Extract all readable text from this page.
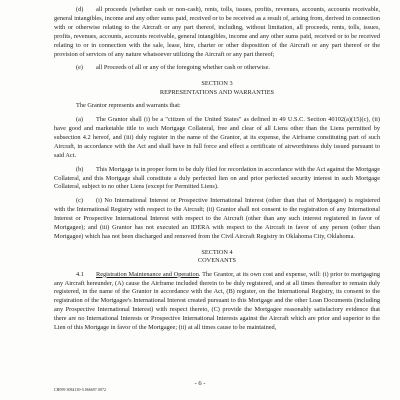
(d) all proceeds (whether cash or non-cash), rents, tolls, issues, profits, revenues, accounts, accounts receivable, general intangibles, income and any other sums paid, received or to be received as a result of, arising from, derived in connection with or otherwise relating to the Aircraft or any part thereof, including, without limitation, all proceeds, rents, tolls, issues, profits, revenues, accounts, accounts receivable, general intangibles, income and any other sums paid, received or to be received relating to or in connection with the sale, lease, hire, charter or other disposition of the Aircraft or any part thereof or the provision of services of any nature whatsoever utilizing the Aircraft or any part thereof;

(e) all Proceeds of all or any of the foregoing whether cash or otherwise.

SECTION 3
REPRESENTATIONS AND WARRANTIES

The Grantor represents and warrants that:

(a) The Grantor shall (i) be a "citizen of the United States" as defined in 49 U.S.C. Section 40102(a)(15)(c), (ii) have good and marketable title to such Mortgage Collateral, free and clear of all Liens other than the Liens permitted by subsection 4.2 hereof, and (iii) duly register in the name of the Grantor, at its expense, the Airframe constituting part of such Aircraft, in accordance with the Act and shall have in full force and effect a certificate of airworthiness duly issued pursuant to said Act.

(b) This Mortgage is in proper form to be duly filed for recordation in accordance with the Act against the Mortgage Collateral, and this Mortgage shall constitute a duly perfected lien on and prior perfected security interest in such Mortgage Collateral, subject to no other Liens (except for Permitted Liens).

(c) (i) No International Interest or Prospective International Interest (other than that of Mortgagee) is registered with the International Registry with respect to the Aircraft; (ii) Grantor shall not consent to the registration of any International Interest or Prospective International Interest with respect to the Aircraft (other than any such interest registered in favor of Mortgagee); and (iii) Grantor has not executed an IDERA with respect to the Aircraft in favor of any person (other than Mortgagee) which has not been discharged and removed from the Civil Aircraft Registry in Oklahoma City, Oklahoma.

SECTION 4
COVENANTS

4.1 Registration Maintenance and Operation. The Grantor, at its own cost and expense, will: (i) prior to mortgaging any Aircraft hereunder, (A) cause the Airframe included therein to be duly registered, and at all times thereafter to remain duly registered, in the name of the Grantor in accordance with the Act, (B) register, on the International Registry, its consent to the registration of the Mortgagee's International Interest created pursuant to this Mortgage and the other Loan Documents (including any Prospective International Interest) with respect thereto, (C) provide the Mortgagee reasonably satisfactory evidence that there are no International Interests or Prospective International Interests against the Aircraft which are prior and superior to the Lien of this Mortgage in favor of the Mortgagee; (ii) at all times cause to be maintained,

- 6 -
CH099 3084130-5.066697.0072
